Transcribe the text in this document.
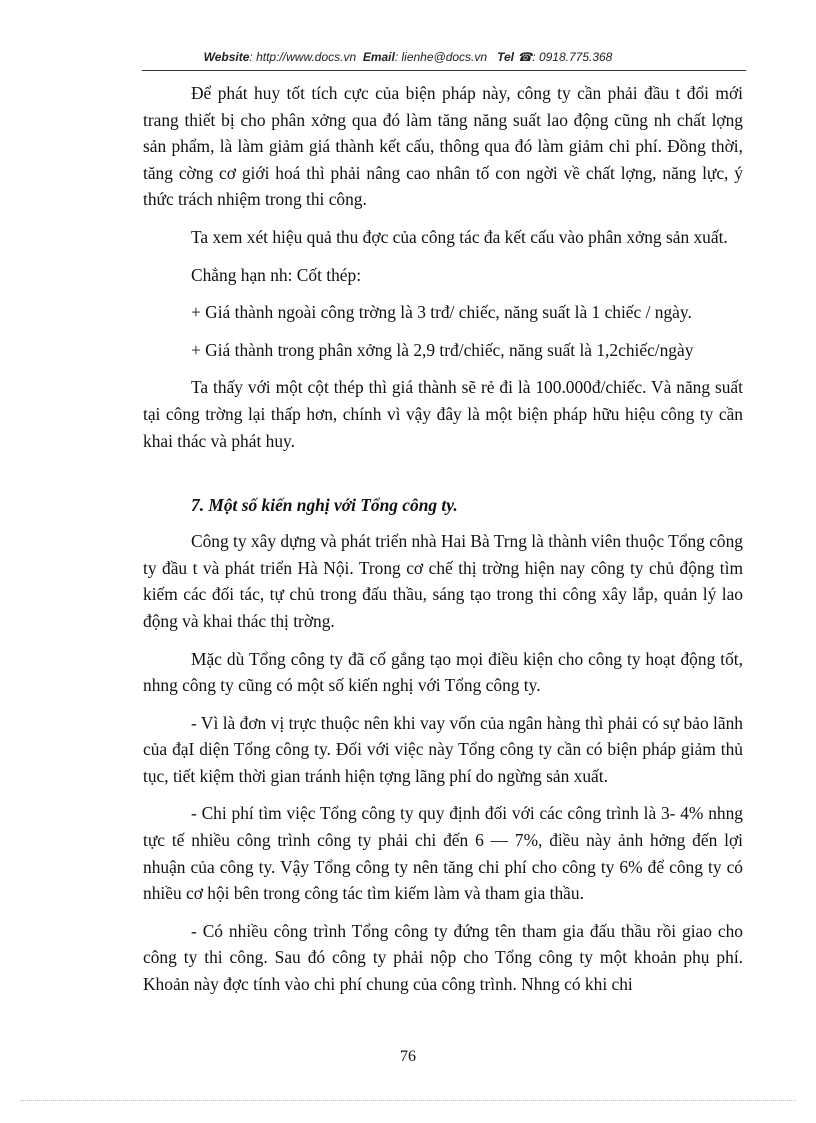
Website: http://www.docs.vn Email: lienhe@docs.vn Tel ☎: 0918.775.368

Để phát huy tốt tích cực của biện pháp này, công ty cần phải đầu t đổi mới trang thiết bị cho phân xởng qua đó làm tăng năng suất lao động cũng nh chất lợng sản phẩm, là làm giảm giá thành kết cấu, thông qua đó làm giảm chi phí. Đồng thời, tăng cờng cơ giới hoá thì phải nâng cao nhân tố con ngời về chất lợng, năng lực, ý thức trách nhiệm trong thi công.

Ta xem xét hiệu quả thu đợc của công tác đa kết cấu vào phân xởng sản xuất.

Chẳng hạn nh: Cốt thép:

+ Giá thành ngoài công trờng là 3 trđ/ chiếc, năng suất là 1 chiếc / ngày.

+ Giá thành trong phân xởng là 2,9 trđ/chiếc, năng suất là 1,2chiếc/ngày

Ta thấy với một cột thép thì giá thành sẽ rẻ đi là 100.000đ/chiếc. Và năng suất tại công trờng lại thấp hơn, chính vì vậy đây là một biện pháp hữu hiệu công ty cần khai thác và phát huy.

7. Một số kiến nghị với Tổng công ty.

Công ty xây dựng và phát triển nhà Hai Bà Trng là thành viên thuộc Tổng công ty đầu t và phát triển Hà Nội. Trong cơ chế thị trờng hiện nay công ty chủ động tìm kiếm các đối tác, tự chủ trong đấu thầu, sáng tạo trong thi công xây lắp, quản lý lao động và khai thác thị trờng.

Mặc dù Tổng công ty đã cố gắng tạo mọi điều kiện cho công ty hoạt động tốt, nhng công ty cũng có một số kiến nghị với Tổng công ty.

- Vì là đơn vị trực thuộc nên khi vay vốn của ngân hàng thì phải có sự bảo lãnh của đạI diện Tổng công ty. Đối với việc này Tổng công ty cần có biện pháp giảm thủ tục, tiết kiệm thời gian tránh hiện tợng lãng phí do ngừng sản xuất.

- Chi phí tìm việc Tổng công ty quy định đối với các công trình là 3- 4% nhng tực tế nhiều công trình công ty phải chi đến 6 — 7%, điều này ảnh hởng đến lợi nhuận của công ty. Vậy Tổng công ty nên tăng chi phí cho công ty 6% để công ty có nhiều cơ hội bên trong công tác tìm kiếm làm và tham gia thầu.

- Có nhiều công trình Tổng công ty đứng tên tham gia đấu thầu rồi giao cho công ty thi công. Sau đó công ty phải nộp cho Tổng công ty một khoản phụ phí. Khoản này đợc tính vào chi phí chung của công trình. Nhng có khi chi

76
